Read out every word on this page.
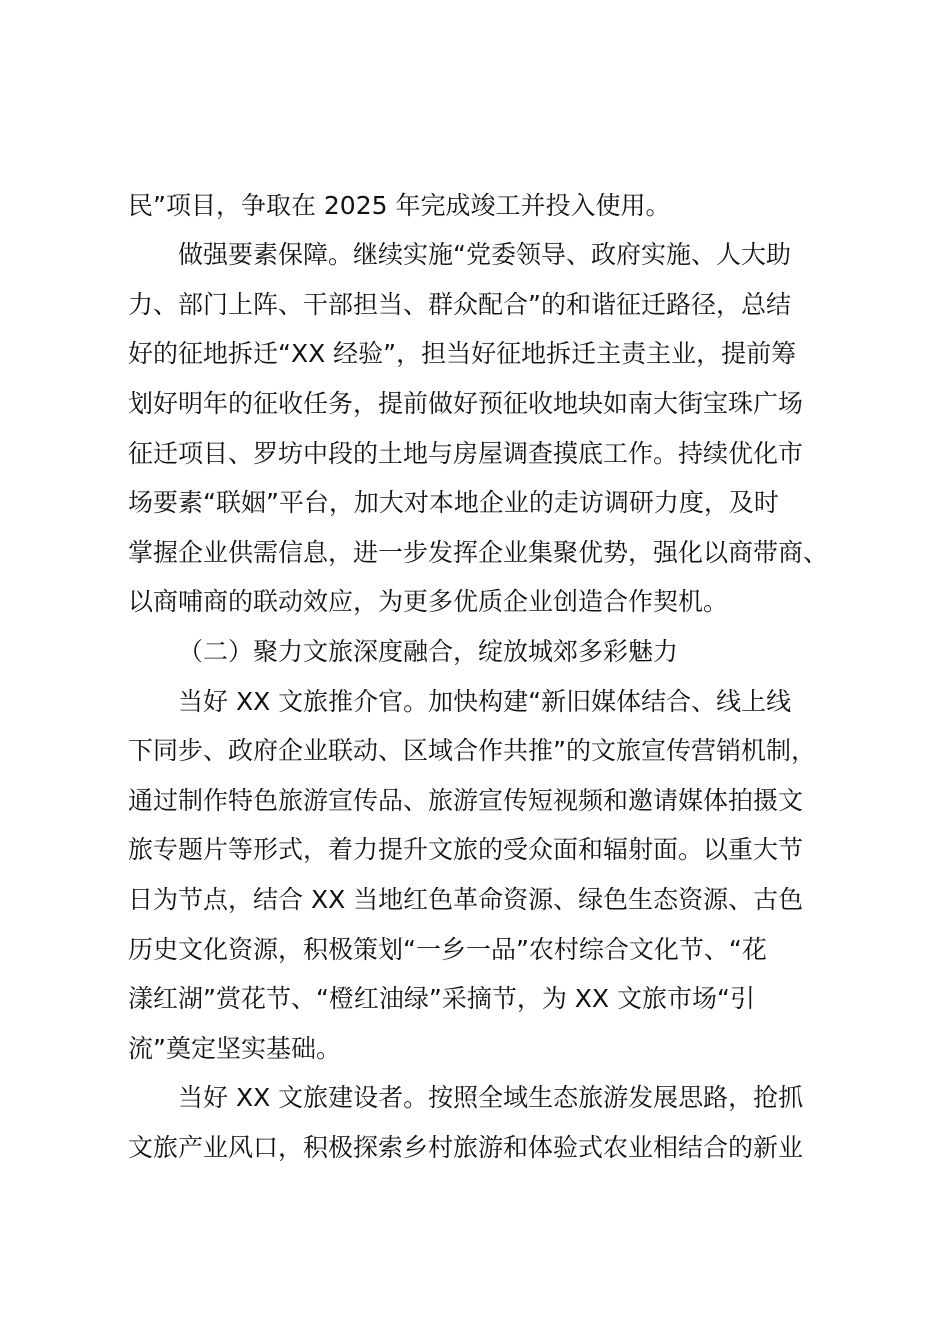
民”项目，争取在 2025 年完成竣工并投入使用。
做强要素保障。继续实施“党委领导、政府实施、人大助
力、部门上阵、干部担当、群众配合”的和谐征迁路径，总结
好的征地拆迁“XX 经验”，担当好征地拆迁主责主业，提前筹
划好明年的征收任务，提前做好预征收地块如南大街宝珠广场
征迁项目、罗坊中段的土地与房屋调查摸底工作。持续优化市
场要素“联姻”平台，加大对本地企业的走访调研力度，及时
掌握企业供需信息，进一步发挥企业集聚优势，强化以商带商、
以商哺商的联动效应，为更多优质企业创造合作契机。
（二）聚力文旅深度融合，绽放城郊多彩魅力
当好 XX 文旅推介官。加快构建“新旧媒体结合、线上线
下同步、政府企业联动、区域合作共推”的文旅宣传营销机制，
通过制作特色旅游宣传品、旅游宣传短视频和邀请媒体拍摄文
旅专题片等形式，着力提升文旅的受众面和辐射面。以重大节
日为节点，结合 XX 当地红色革命资源、绿色生态资源、古色
历史文化资源，积极策划“一乡一品”农村综合文化节、“花
漾红湖”赏花节、“橙红油绿”采摘节，为 XX 文旅市场“引
流”奠定坚实基础。
当好 XX 文旅建设者。按照全域生态旅游发展思路，抢抓
文旅产业风口，积极探索乡村旅游和体验式农业相结合的新业
